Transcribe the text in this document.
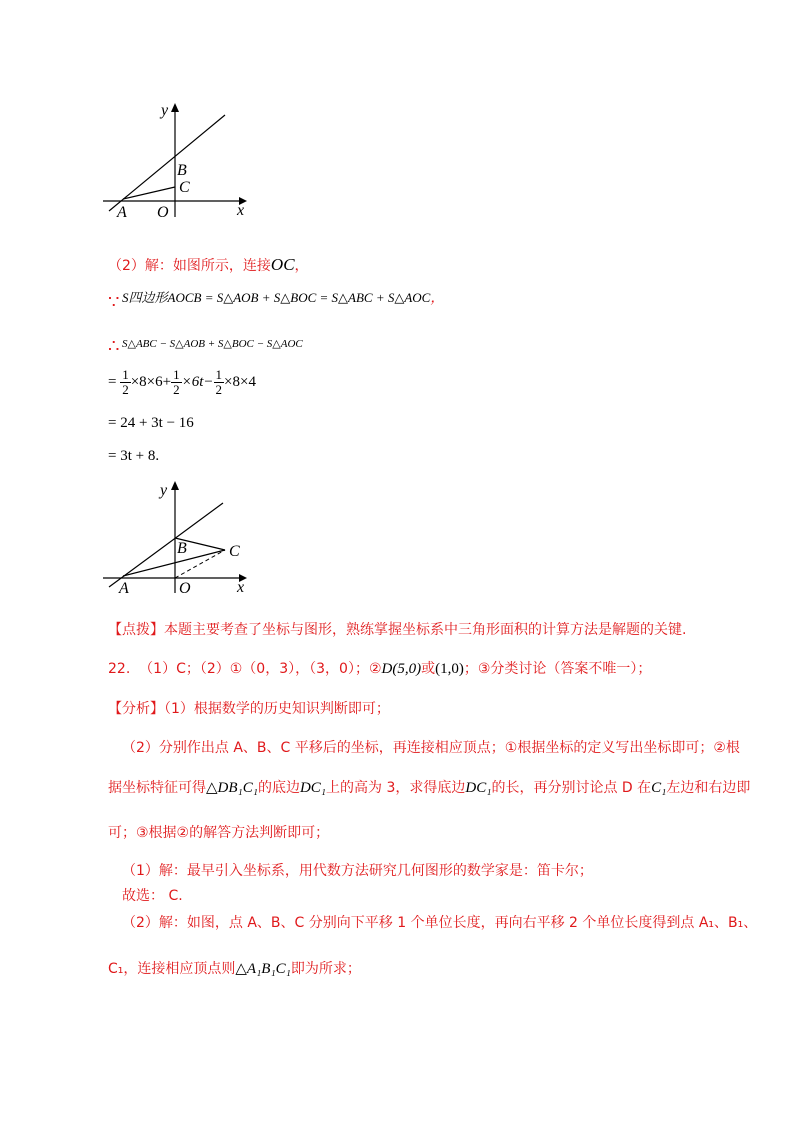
y
x
A O
B
C
（2）解：如图所示，连接OC，
∵ S四边形AOCB = S△AOB + S△BOC = S△ABC + S△AOC，
∴ S△ABC − S△AOB + S△BOC − S△AOC
= $\frac{1}{2} \times 8\times 6+ \frac{1}{2} \times 6t- \frac{1}{2} \times 8\times 4$
= 24 + 3t − 16
= 3t + 8.
y
x
A	O
B	C
【点拨】本题主要考查了坐标与图形，熟练掌握坐标系中三角形面积的计算方法是解题的关键.
22. （1）C；（2）①（0，3），（3，0）；②D(5,0)或(1,0)；③分类讨论（答案不唯一）；
【分析】（1）根据数学的历史知识判断即可；
（2）分别作出点 A、B、C 平移后的坐标，再连接相应顶点；①根据坐标的定义写出坐标即可；②根
据坐标特征可得△DB₁C₁的底边DC₁上的高为 3，求得底边DC₁的长，再分别讨论点 D 在C₁左边和右边即
可；③根据②的解答方法判断即可；
（1）解：最早引入坐标系，用代数方法研究几何图形的数学家是：笛卡尔；
故选： C.
（2）解：如图，点 A、B、C 分别向下平移 1 个单位长度，再向右平移 2 个单位长度得到点 A₁、B₁、
C₁，连接相应顶点则△A₁B₁C₁即为所求；
